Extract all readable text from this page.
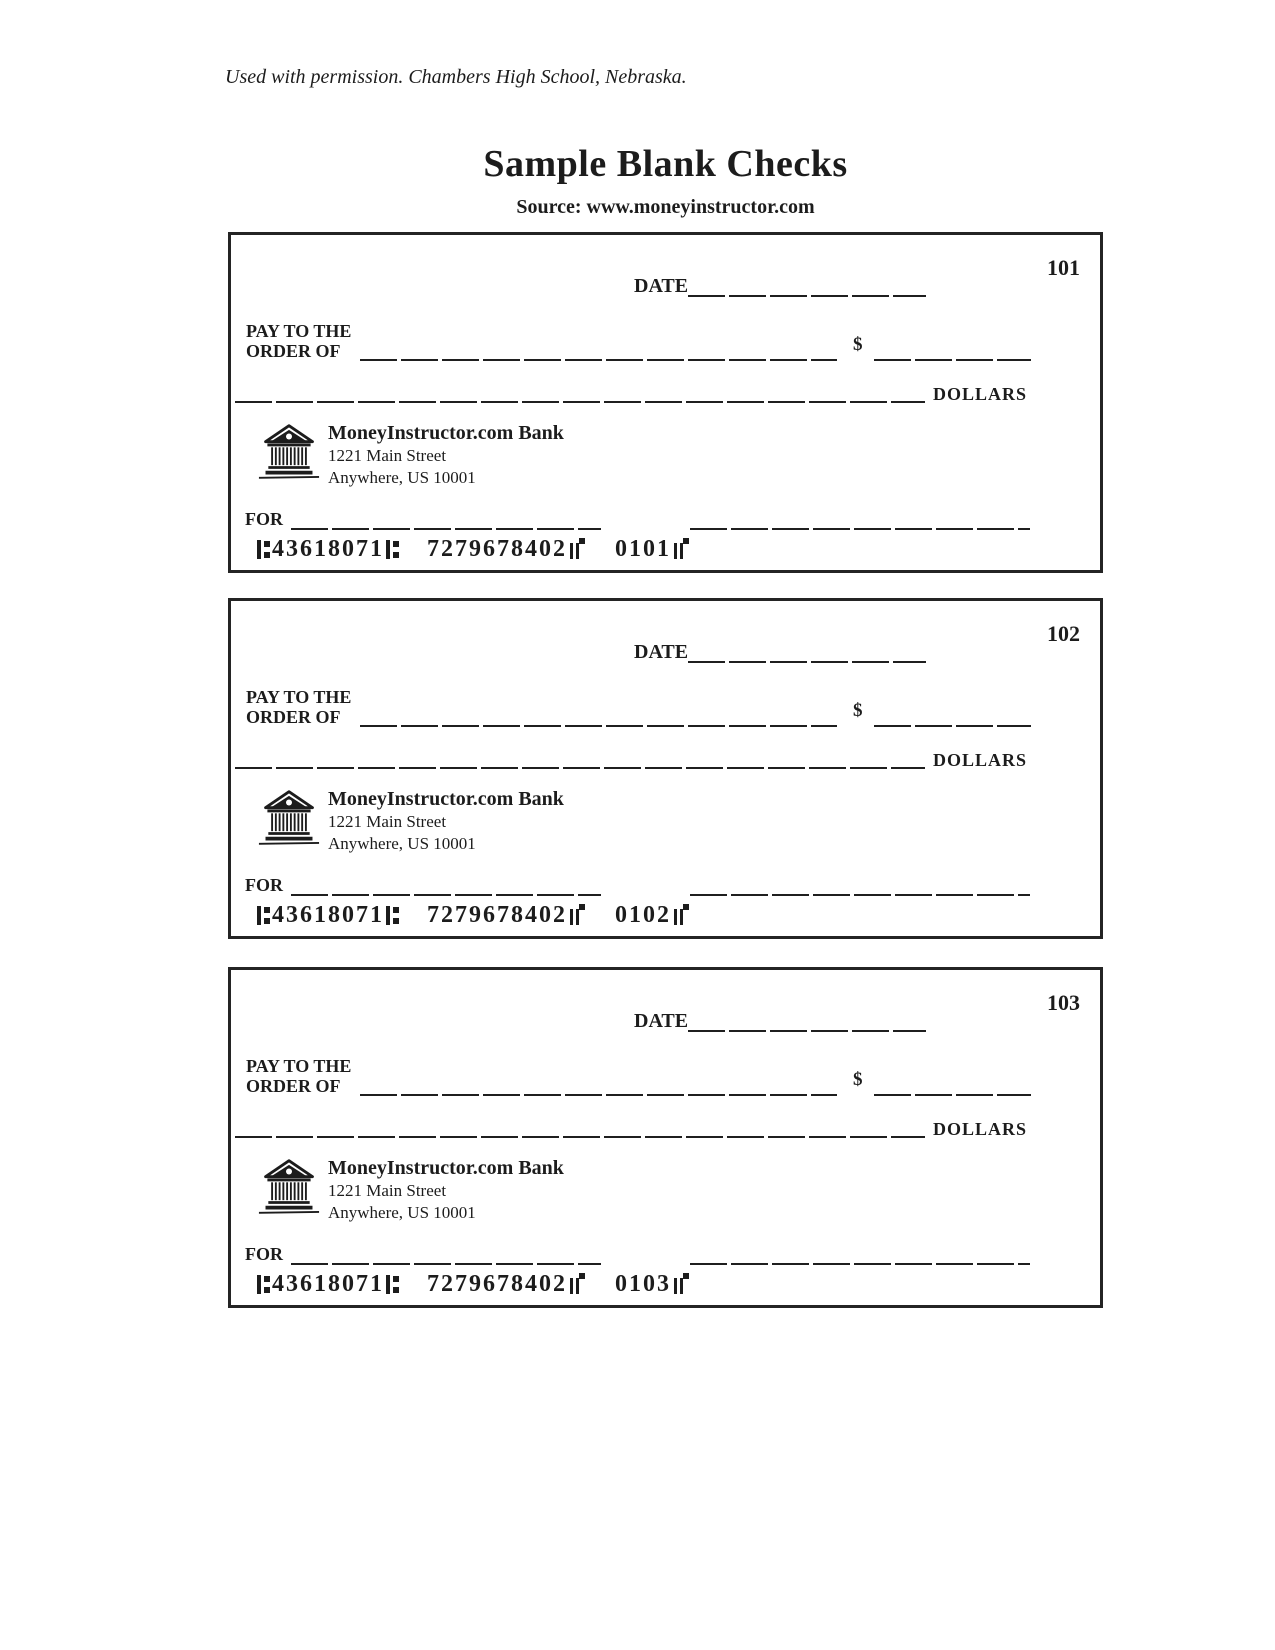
Used with permission. Chambers High School, Nebraska.
Sample Blank Checks
Source: www.moneyinstructor.com
101
DATE
PAY TO THE
ORDER OF	$
DOLLARS
MoneyInstructor.com Bank
1221 Main Street
Anywhere, US 10001
FOR
43618071 7279678402 0101
102
DATE
PAY TO THE
ORDER OF	$
DOLLARS
MoneyInstructor.com Bank
1221 Main Street
Anywhere, US 10001
FOR
43618071 7279678402 0102
103
DATE
PAY TO THE
ORDER OF	$
DOLLARS
MoneyInstructor.com Bank
1221 Main Street
Anywhere, US 10001
FOR
43618071 7279678402 0103
